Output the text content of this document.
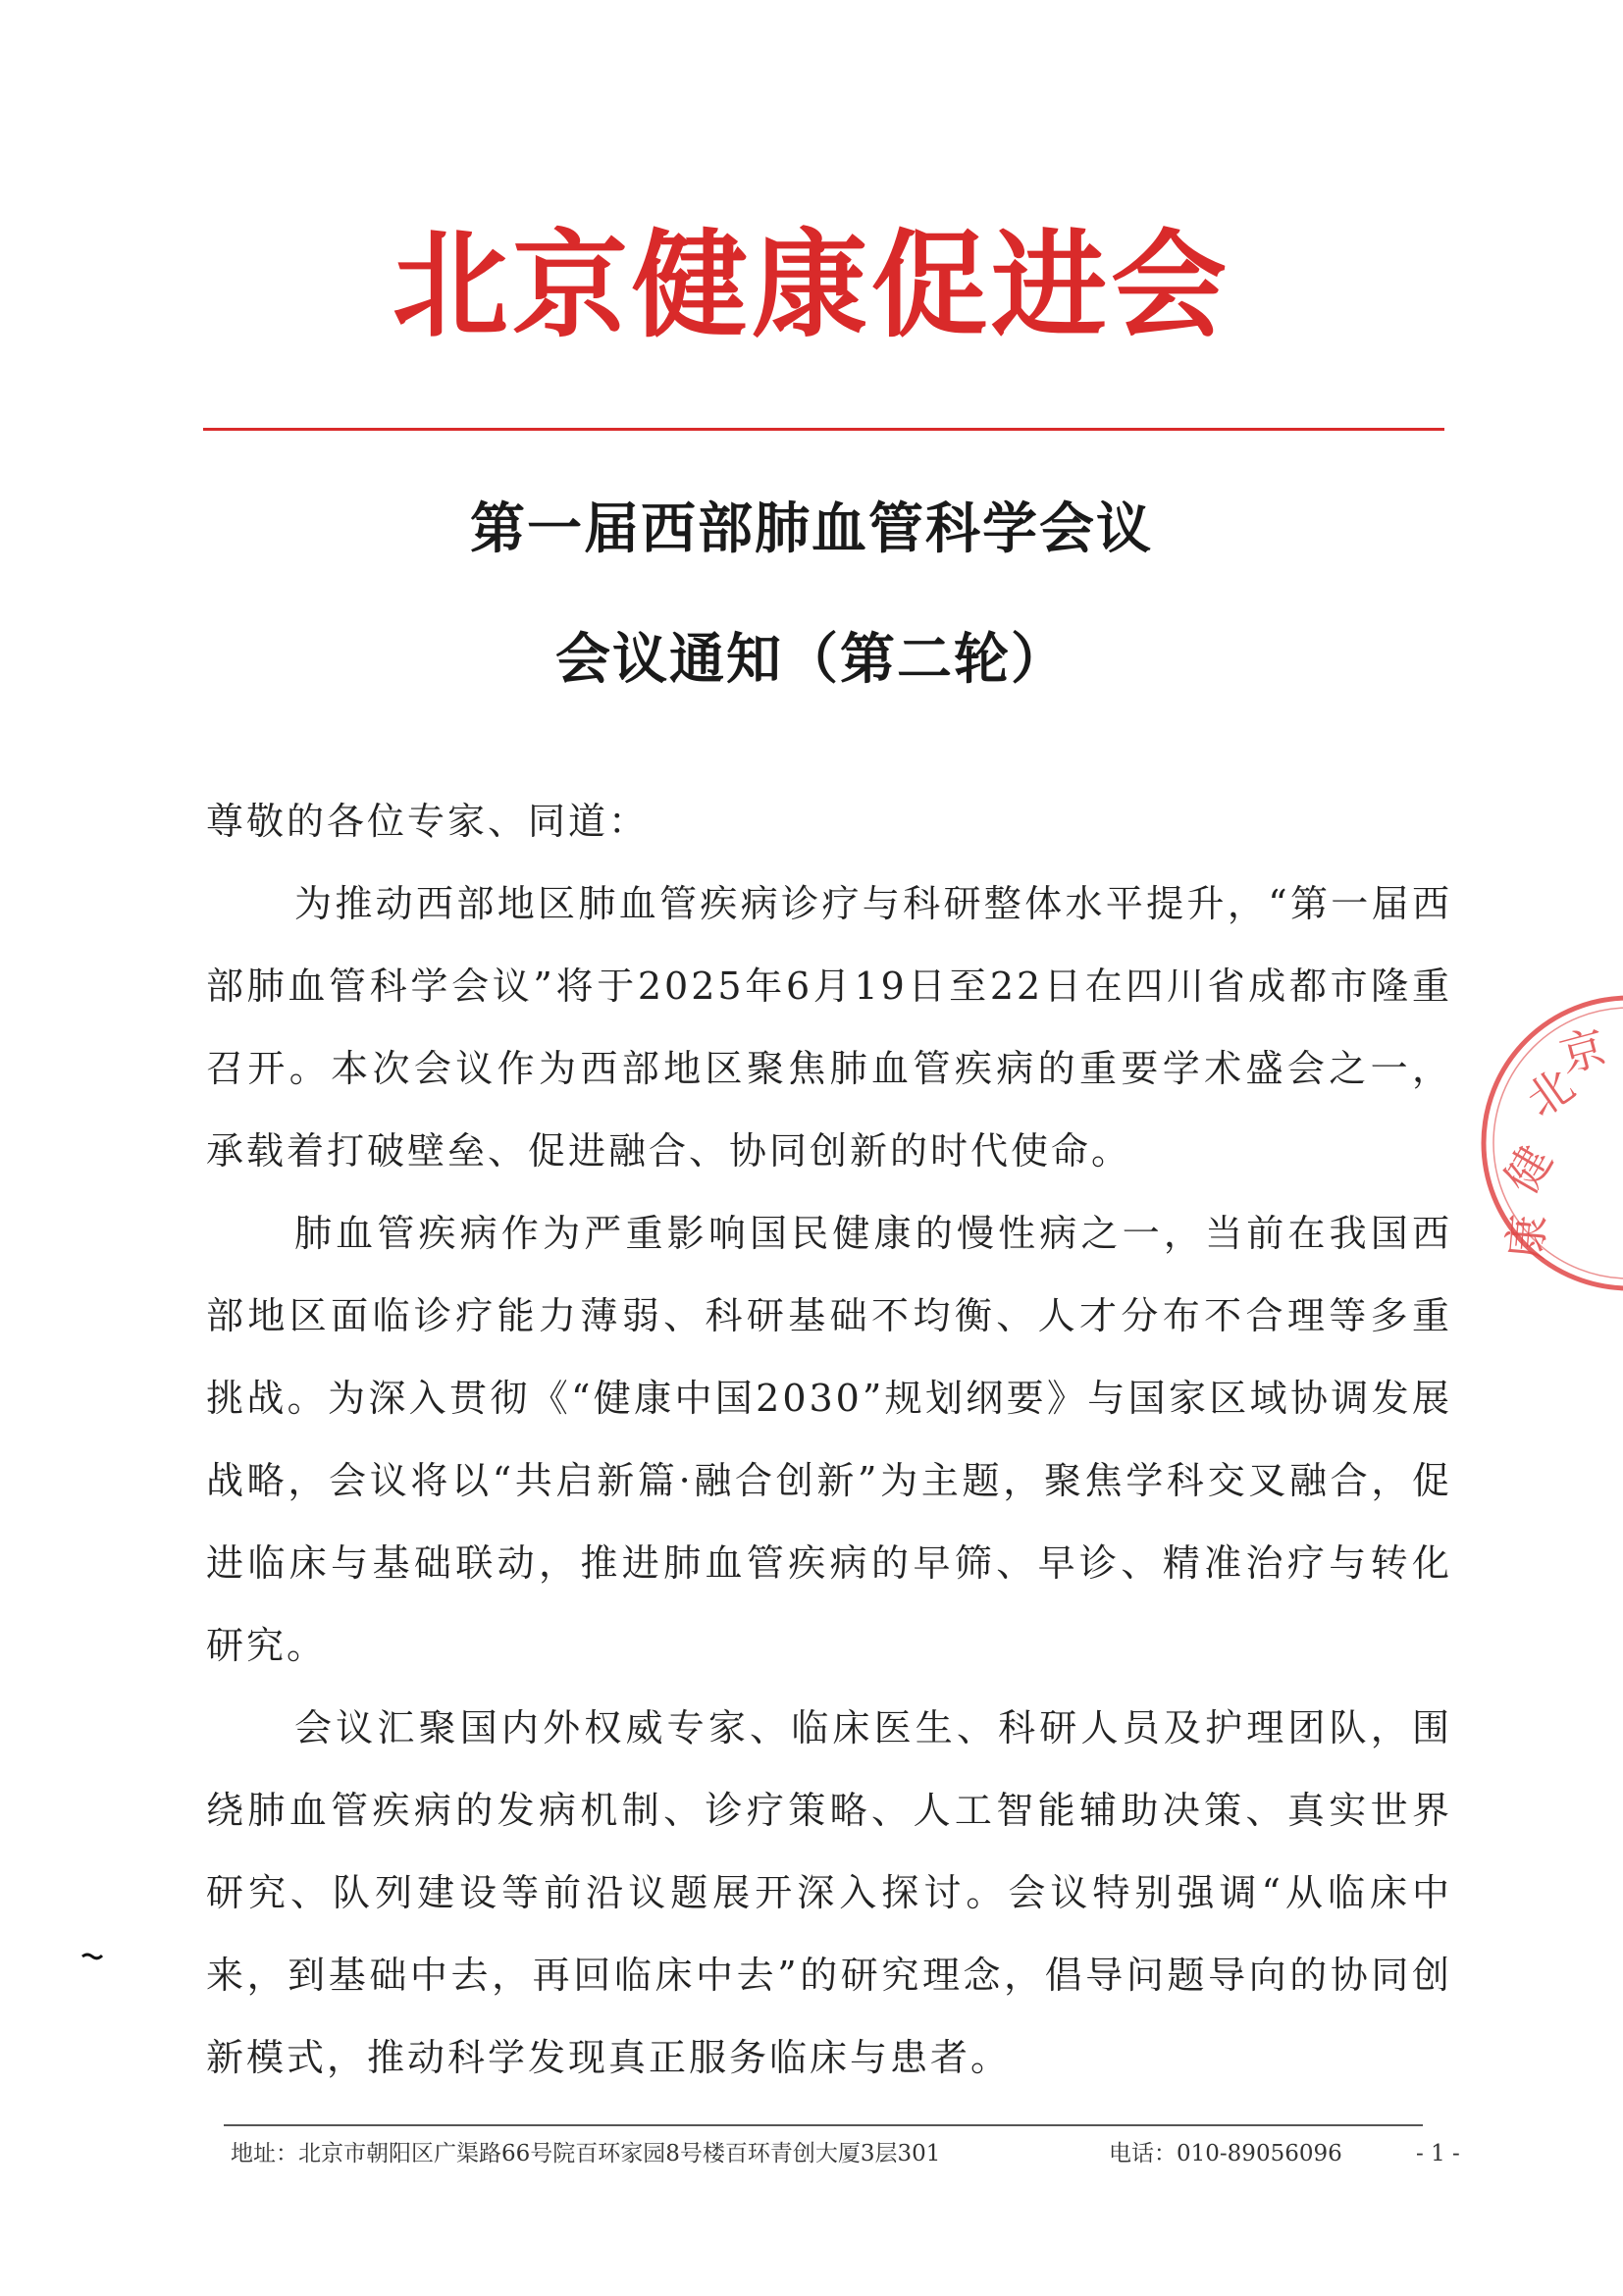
北京健康促进会
第一届西部肺血管科学会议
会议通知（第二轮）

尊敬的各位专家、同道：

为推动西部地区肺血管疾病诊疗与科研整体水平提升，“第一届西部肺血管科学会议”将于2025年6月19日至22日在四川省成都市隆重召开。本次会议作为西部地区聚焦肺血管疾病的重要学术盛会之一，承载着打破壁垒、促进融合、协同创新的时代使命。

肺血管疾病作为严重影响国民健康的慢性病之一，当前在我国西部地区面临诊疗能力薄弱、科研基础不均衡、人才分布不合理等多重挑战。为深入贯彻《“健康中国2030”规划纲要》与国家区域协调发展战略，会议将以“共启新篇·融合创新”为主题，聚焦学科交叉融合，促进临床与基础联动，推进肺血管疾病的早筛、早诊、精准治疗与转化研究。

会议汇聚国内外权威专家、临床医生、科研人员及护理团队，围绕肺血管疾病的发病机制、诊疗策略、人工智能辅助决策、真实世界研究、队列建设等前沿议题展开深入探讨。会议特别强调“从临床中来，到基础中去，再回临床中去”的研究理念，倡导问题导向的协同创新模式，推动科学发现真正服务临床与患者。

北
京
健
康
地址：北京市朝阳区广渠路66号院百环家园8号楼百环青创大厦3层301	电话：010-89056096	- 1 -
